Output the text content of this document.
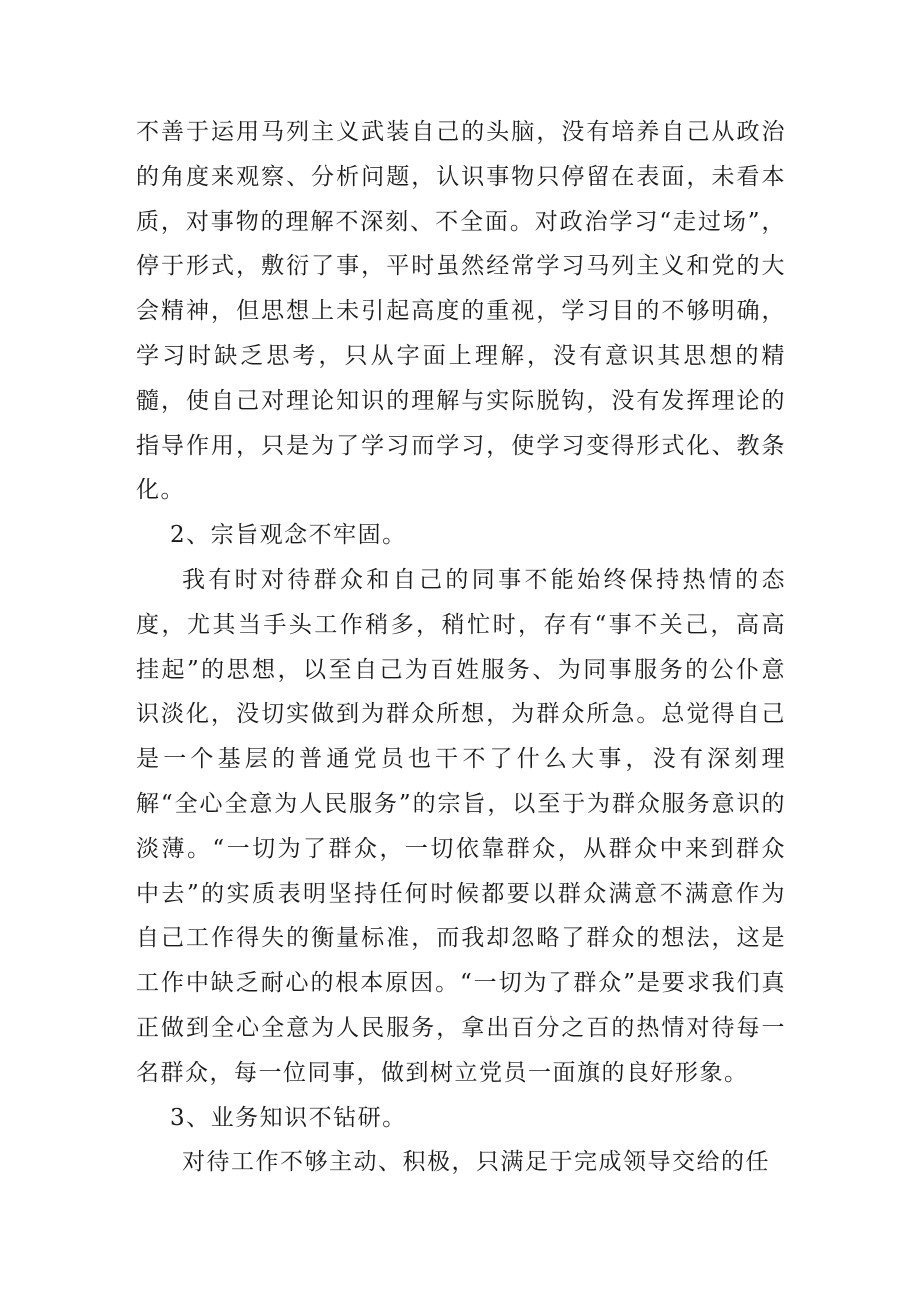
不善于运用马列主义武装自己的头脑，没有培养自己从政治的角度来观察、分析问题，认识事物只停留在表面，未看本质，对事物的理解不深刻、不全面。对政治学习“走过场”，停于形式，敷衍了事，平时虽然经常学习马列主义和党的大会精神，但思想上未引起高度的重视，学习目的不够明确，学习时缺乏思考，只从字面上理解，没有意识其思想的精髓，使自己对理论知识的理解与实际脱钩，没有发挥理论的指导作用，只是为了学习而学习，使学习变得形式化、教条化。

2、宗旨观念不牢固。

我有时对待群众和自己的同事不能始终保持热情的态度，尤其当手头工作稍多，稍忙时，存有“事不关己，高高挂起”的思想，以至自己为百姓服务、为同事服务的公仆意识淡化，没切实做到为群众所想，为群众所急。总觉得自己是一个基层的普通党员也干不了什么大事，没有深刻理解“全心全意为人民服务”的宗旨，以至于为群众服务意识的淡薄。“一切为了群众，一切依靠群众，从群众中来到群众中去”的实质表明坚持任何时候都要以群众满意不满意作为自己工作得失的衡量标准，而我却忽略了群众的想法，这是工作中缺乏耐心的根本原因。“一切为了群众”是要求我们真正做到全心全意为人民服务，拿出百分之百的热情对待每一名群众，每一位同事，做到树立党员一面旗的良好形象。

3、业务知识不钻研。

对待工作不够主动、积极，只满足于完成领导交给的任
